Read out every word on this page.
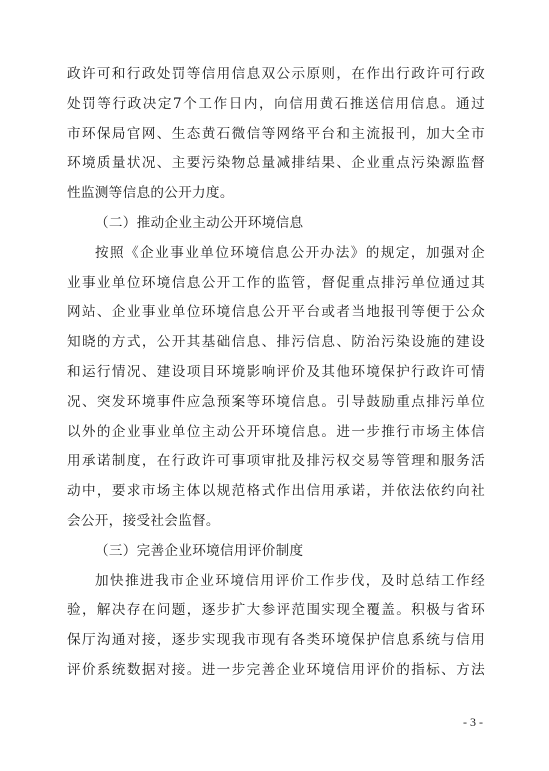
政许可和行政处罚等信用信息双公示原则，在作出行政许可行政
处罚等行政决定7个工作日内，向信用黄石推送信用信息。通过
市环保局官网、生态黄石微信等网络平台和主流报刊，加大全市
环境质量状况、主要污染物总量减排结果、企业重点污染源监督
性监测等信息的公开力度。
（二）推动企业主动公开环境信息
按照《企业事业单位环境信息公开办法》的规定，加强对企
业事业单位环境信息公开工作的监管，督促重点排污单位通过其
网站、企业事业单位环境信息公开平台或者当地报刊等便于公众
知晓的方式，公开其基础信息、排污信息、防治污染设施的建设
和运行情况、建设项目环境影响评价及其他环境保护行政许可情
况、突发环境事件应急预案等环境信息。引导鼓励重点排污单位
以外的企业事业单位主动公开环境信息。进一步推行市场主体信
用承诺制度，在行政许可事项审批及排污权交易等管理和服务活
动中，要求市场主体以规范格式作出信用承诺，并依法依约向社
会公开，接受社会监督。
（三）完善企业环境信用评价制度
加快推进我市企业环境信用评价工作步伐，及时总结工作经
验，解决存在问题，逐步扩大参评范围实现全覆盖。积极与省环
保厅沟通对接，逐步实现我市现有各类环境保护信息系统与信用
评价系统数据对接。进一步完善企业环境信用评价的指标、方法
- 3 -
